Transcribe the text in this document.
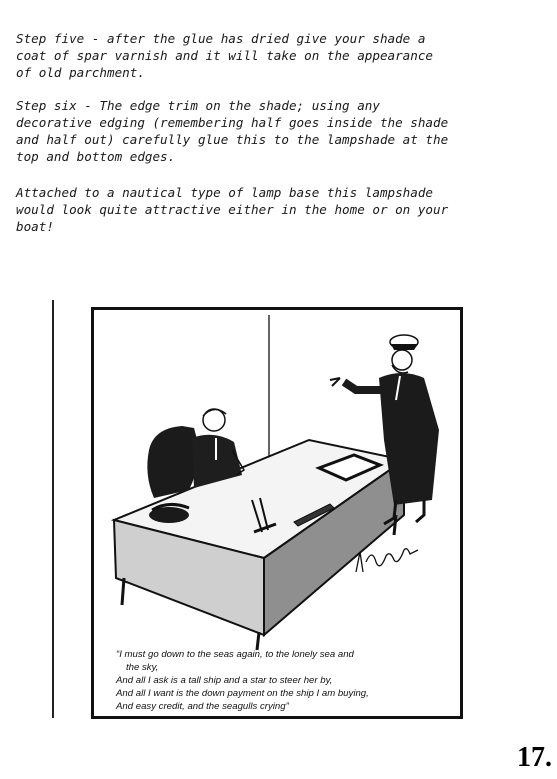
Step five - after the glue has dried give your shade a
coat of spar varnish and it will take on the appearance
of old parchment.

Step six - The edge trim on the shade; using any
decorative edging (remembering half goes inside the shade
and half out) carefully glue this to the lampshade at the
top and bottom edges.

Attached to a nautical type of lamp base this lampshade
would look quite attractive either in the home or on your
boat!

“I must go down to the seas again, to the lonely sea and
the sky,
And all I ask is a tall ship and a star to steer her by,
And all I want is the down payment on the ship I am buying,
And easy credit, and the seagulls crying”
17.
